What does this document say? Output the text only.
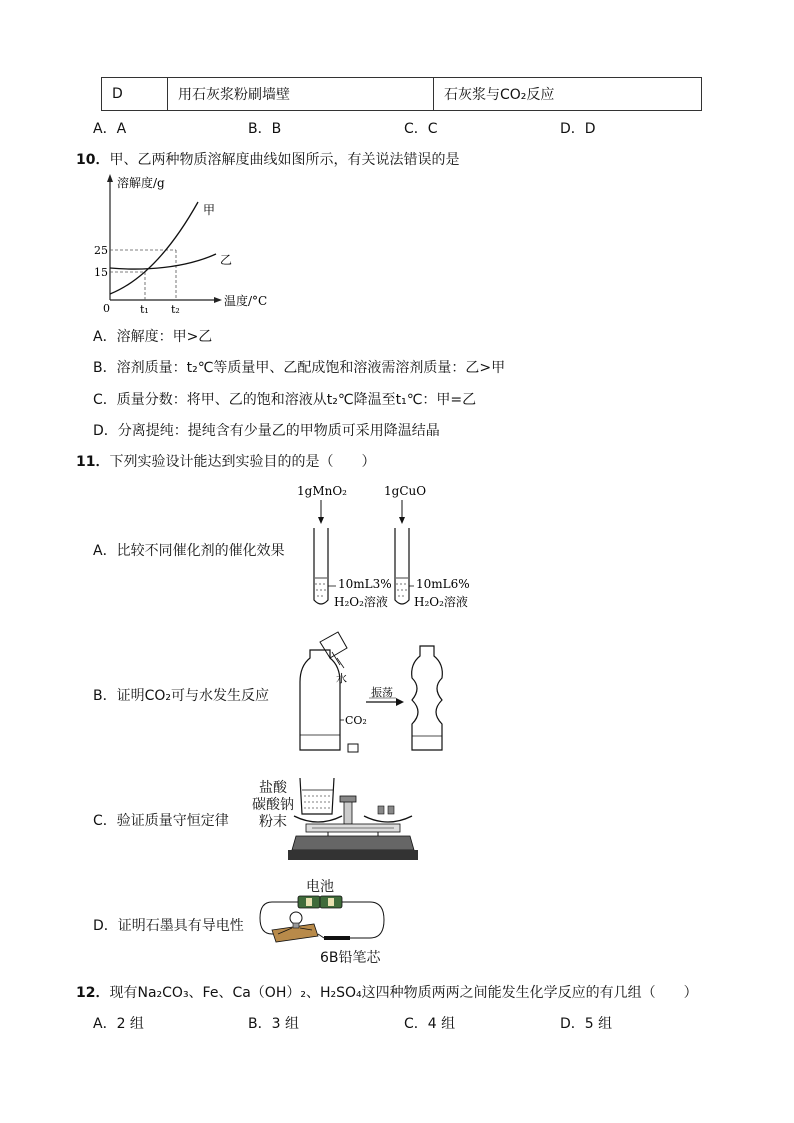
D	用石灰浆粉刷墙壁	石灰浆与CO₂反应
A．A	B．B	C．C	D．D
10．甲、乙两种物质溶解度曲线如图所示，有关说法错误的是
溶解度/g
温度/°C
0
25
15
t₁ t₂
甲
乙
A．溶解度：甲>乙
B．溶剂质量：t₂℃等质量甲、乙配成饱和溶液需溶剂质量：乙>甲
C．质量分数：将甲、乙的饱和溶液从t₂℃降温至t₁℃：甲=乙
D．分离提纯：提纯含有少量乙的甲物质可采用降温结晶
11．下列实验设计能达到实验目的的是（　　）
A．比较不同催化剂的催化效果
1gMnO₂	1gCuO
10mL3%
H₂O₂溶液
10mL6%
H₂O₂溶液
B．证明CO₂可与水发生反应
水
CO₂
振荡
C．验证质量守恒定律
盐酸
碳酸钠
粉末
D．证明石墨具有导电性
电池
6B铅笔芯
12．现有Na₂CO₃、Fe、Ca（OH）₂、H₂SO₄这四种物质两两之间能发生化学反应的有几组（　　）
A．2 组	B．3 组	C．4 组	D．5 组
